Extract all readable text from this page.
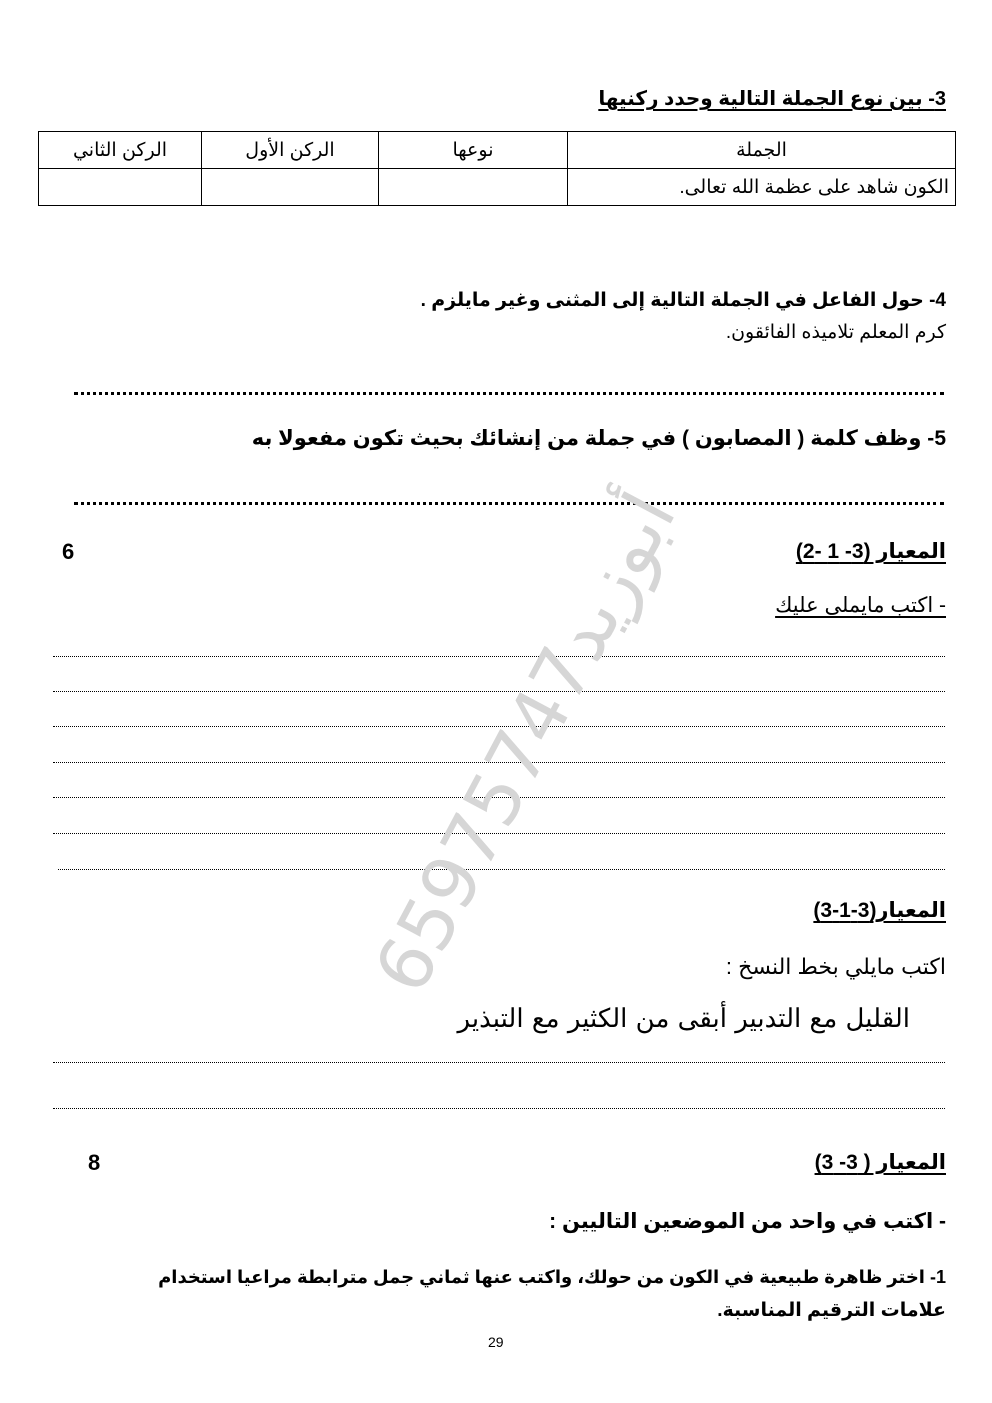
3- بين نوع الجملة التالية وحدد ركنيها
الجملة	نوعها	الركن الأول	الركن الثاني
الكون شاهد على عظمة الله تعالى.			
4- حول الفاعل في الجملة التالية إلى المثنى وغير مايلزم .
كرم المعلم تلاميذه الفائقون.
5- وظف كلمة ( المصابون ) في جملة من إنشائك بحيث تكون مفعولا به
المعيار (3- 1 -2)
6
- اكتب مايملى عليك
أبوزيد65975747
المعيار(3-1-3)
اكتب مايلي بخط النسخ :
القليل مع التدبير أبقى من الكثير مع التبذير
المعيار ( 3- 3)
8
- اكتب في واحد من الموضعين التاليين :
1- اختر ظاهرة طبيعية في الكون من حولك، واكتب عنها ثماني جمل مترابطة مراعيا استخدام
علامات الترقيم المناسبة.
29
